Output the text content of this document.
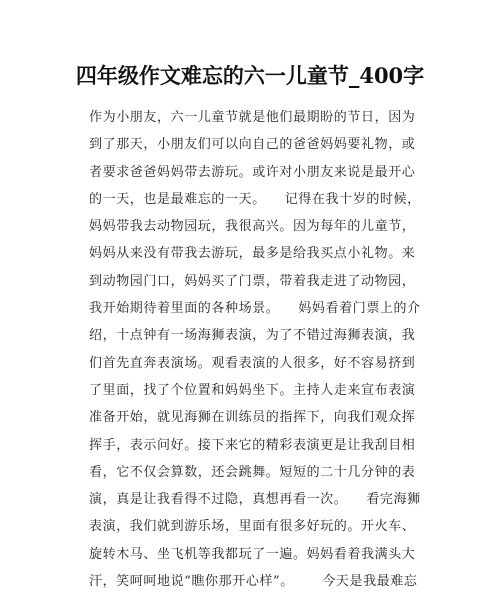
四年级作文难忘的六一儿童节_400字

作为小朋友，六一儿童节就是他们最期盼的节日，因为

到了那天，小朋友们可以向自己的爸爸妈妈要礼物，或

者要求爸爸妈妈带去游玩。或许对小朋友来说是最开心

的一天，也是最难忘的一天。    记得在我十岁的时候，

妈妈带我去动物园玩，我很高兴。因为每年的儿童节，

妈妈从来没有带我去游玩，最多是给我买点小礼物。来

到动物园门口，妈妈买了门票，带着我走进了动物园，

我开始期待着里面的各种场景。    妈妈看着门票上的介

绍，十点钟有一场海狮表演，为了不错过海狮表演，我

们首先直奔表演场。观看表演的人很多，好不容易挤到

了里面，找了个位置和妈妈坐下。主持人走来宣布表演

准备开始，就见海狮在训练员的指挥下，向我们观众挥

挥手，表示问好。接下来它的精彩表演更是让我刮目相

看，它不仅会算数，还会跳舞。短短的二十几分钟的表

演，真是让我看得不过隐，真想再看一次。    看完海狮

表演，我们就到游乐场，里面有很多好玩的。开火车、

旋转木马、坐飞机等我都玩了一遍。妈妈看着我满头大

汗，笑呵呵地说“瞧你那开心样”。      今天是我最难忘
